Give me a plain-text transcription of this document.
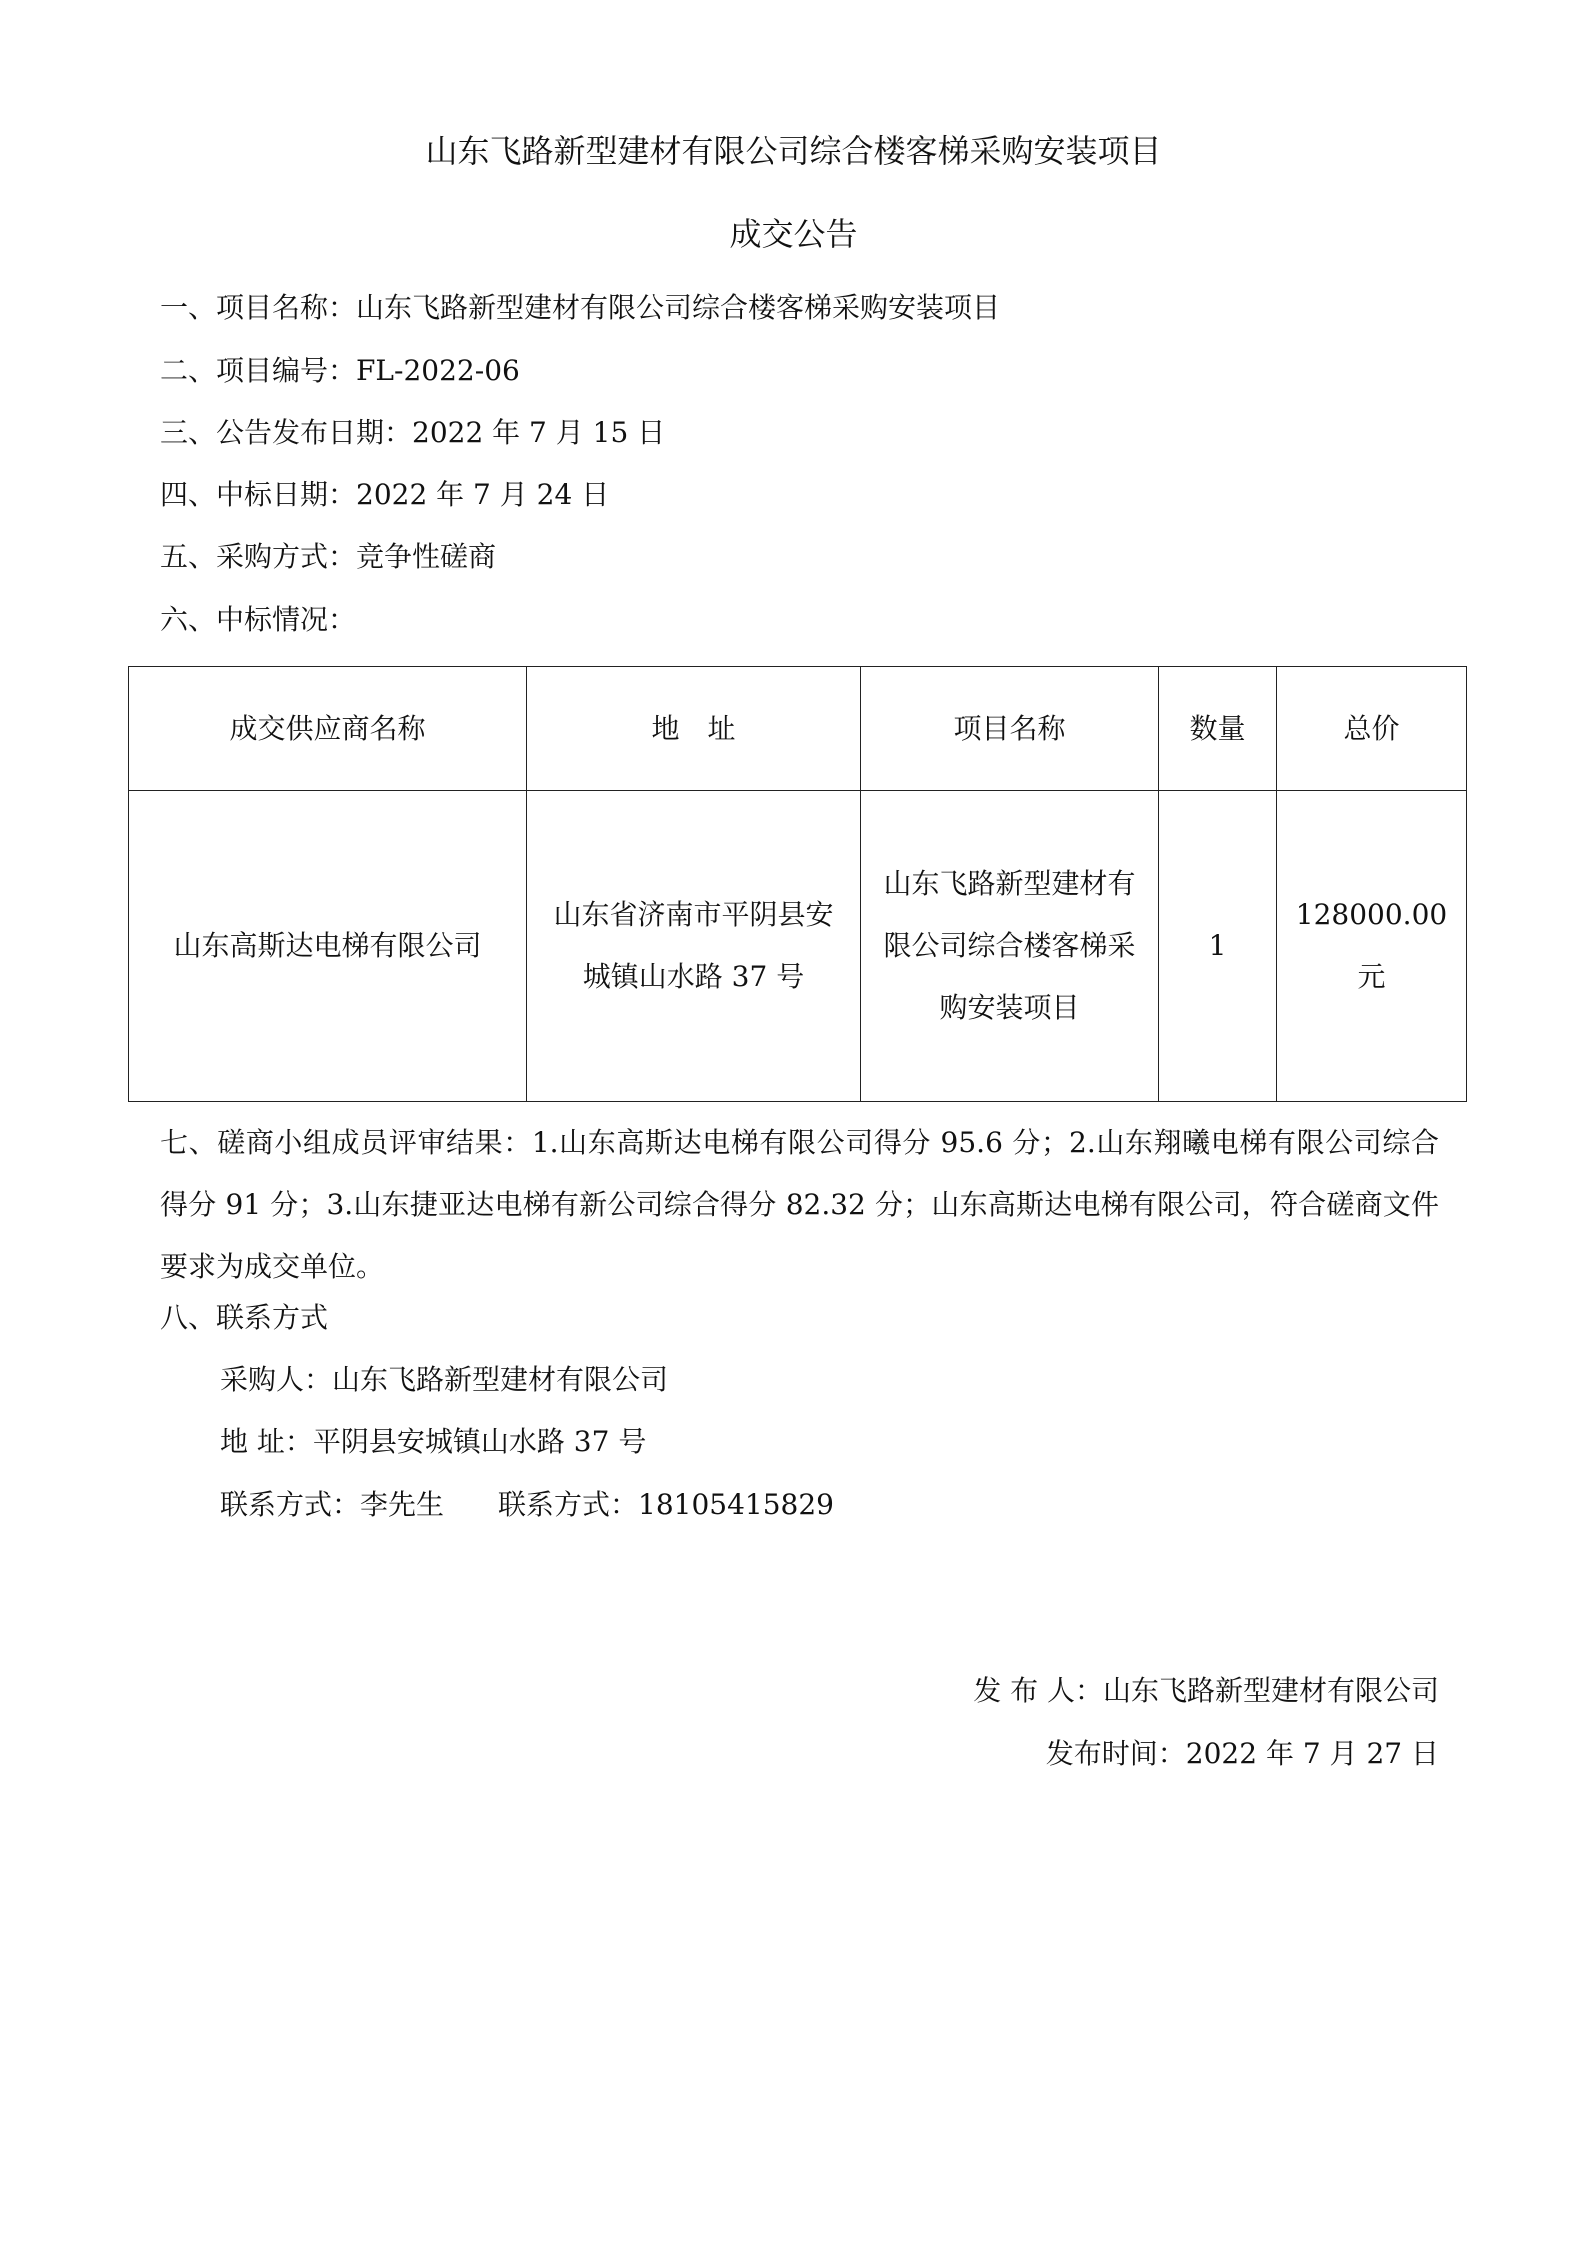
山东飞路新型建材有限公司综合楼客梯采购安装项目
成交公告
一、项目名称：山东飞路新型建材有限公司综合楼客梯采购安装项目
二、项目编号：FL-2022-06
三、公告发布日期：2022 年 7 月 15 日
四、中标日期：2022 年 7 月 24 日
五、采购方式：竞争性磋商
六、中标情况：
成交供应商名称	地　址	项目名称	数量	总价
山东高斯达电梯有限公司	山东省济南市平阴县安城镇山水路 37 号	山东飞路新型建材有限公司综合楼客梯采购安装项目	1	128000.00元
七、磋商小组成员评审结果：1.山东高斯达电梯有限公司得分 95.6 分；2.山东翔曦电梯有限公司综合得分 91 分；3.山东捷亚达电梯有新公司综合得分 82.32 分；山东高斯达电梯有限公司，符合磋商文件要求为成交单位。
八、联系方式
采购人：山东飞路新型建材有限公司
地 址：平阴县安城镇山水路 37 号
联系方式：李先生 联系方式：18105415829
发 布 人：山东飞路新型建材有限公司
发布时间：2022 年 7 月 27 日
